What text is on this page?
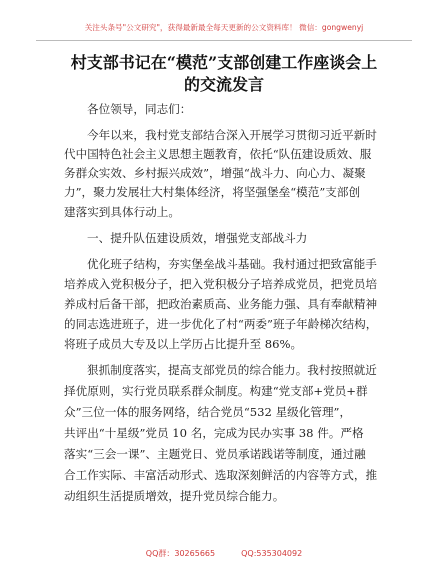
关注头条号"公文研究"，获得最新最全每天更新的公文资料库！ 微信：gongwenyj
村支部书记在“模范”支部创建工作座谈会上
的交流发言
各位领导，同志们：
今年以来，我村党支部结合深入开展学习贯彻习近平新时
代中国特色社会主义思想主题教育，依托“队伍建设质效、服
务群众实效、乡村振兴成效”，增强“战斗力、向心力、凝聚
力”，聚力发展壮大村集体经济，将坚强堡垒“模范”支部创
建落实到具体行动上。
一、提升队伍建设质效，增强党支部战斗力
优化班子结构，夯实堡垒战斗基础。我村通过把致富能手
培养成入党积极分子，把入党积极分子培养成党员，把党员培
养成村后备干部，把政治素质高、业务能力强、具有奉献精神
的同志选进班子，进一步优化了村“两委”班子年龄梯次结构，
将班子成员大专及以上学历占比提升至 86%。
狠抓制度落实，提高支部党员的综合能力。我村按照就近
择优原则，实行党员联系群众制度。构建“党支部+党员+群
众”三位一体的服务网络，结合党员“532 星级化管理”，
共评出“十星级”党员 10 名，完成为民办实事 38 件。严格
落实“三会一课”、主题党日、党员承诺践诺等制度，通过融
合工作实际、丰富活动形式、选取深刻鲜活的内容等方式，推
动组织生活提质增效，提升党员综合能力。
QQ群：30265665	QQ:535304092
